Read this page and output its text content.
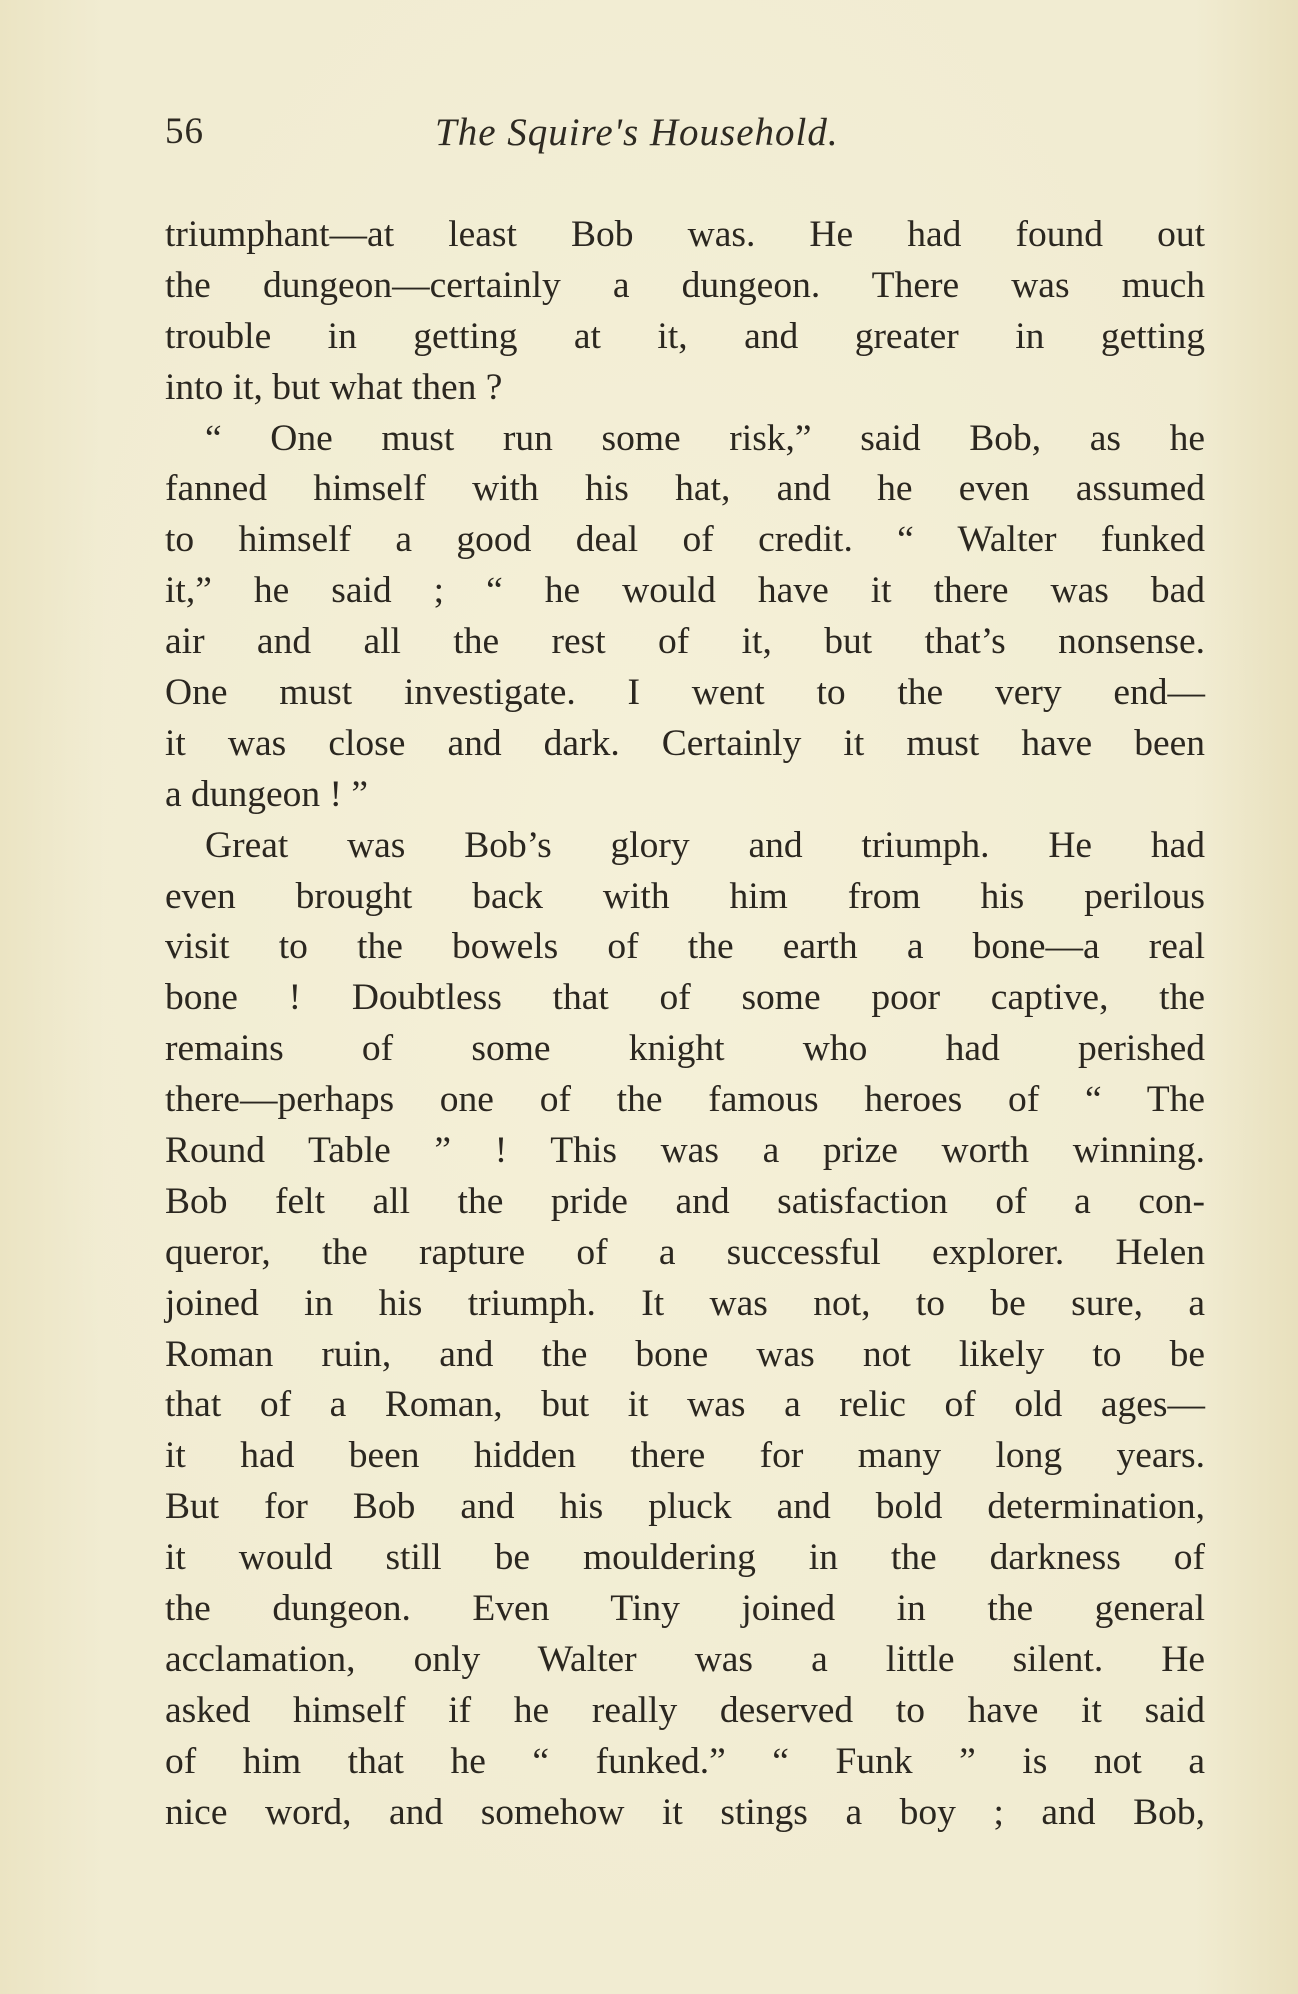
56	The Squire's Household.
triumphant—at least Bob was. He had found out
the dungeon—certainly a dungeon. There was much
trouble in getting at it, and greater in getting
into it, but what then ?
“ One must run some risk,” said Bob, as he
fanned himself with his hat, and he even assumed
to himself a good deal of credit. “ Walter funked
it,” he said ; “ he would have it there was bad
air and all the rest of it, but that’s nonsense.
One must investigate. I went to the very end—
it was close and dark. Certainly it must have been
a dungeon ! ”
Great was Bob’s glory and triumph. He had
even brought back with him from his perilous
visit to the bowels of the earth a bone—a real
bone ! Doubtless that of some poor captive, the
remains of some knight who had perished
there—perhaps one of the famous heroes of “ The
Round Table ” ! This was a prize worth winning.
Bob felt all the pride and satisfaction of a con-
queror, the rapture of a successful explorer. Helen
joined in his triumph. It was not, to be sure, a
Roman ruin, and the bone was not likely to be
that of a Roman, but it was a relic of old ages—
it had been hidden there for many long years.
But for Bob and his pluck and bold determination,
it would still be mouldering in the darkness of
the dungeon. Even Tiny joined in the general
acclamation, only Walter was a little silent. He
asked himself if he really deserved to have it said
of him that he “ funked.” “ Funk ” is not a
nice word, and somehow it stings a boy ; and Bob,
